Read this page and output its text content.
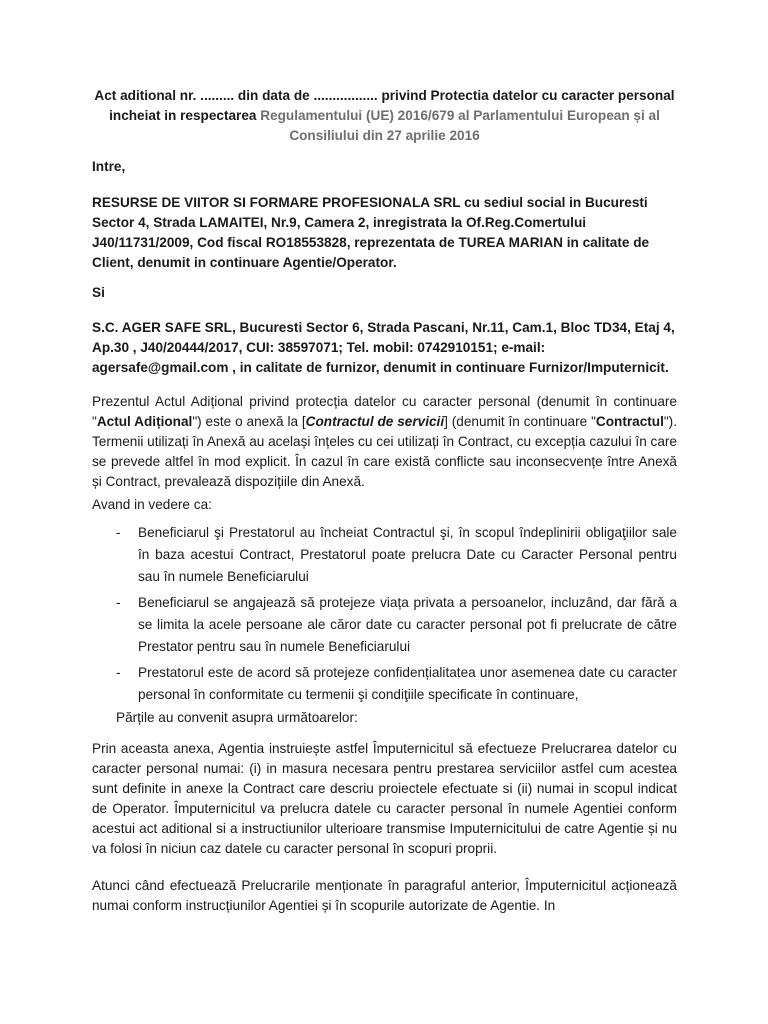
Act aditional nr. ......... din data de ................. privind Protectia datelor cu caracter personal incheiat in respectarea Regulamentului (UE) 2016/679 al Parlamentului European și al Consiliului din 27 aprilie 2016

Intre,

RESURSE DE VIITOR SI FORMARE PROFESIONALA SRL cu sediul social in Bucuresti Sector 4, Strada LAMAITEI, Nr.9, Camera 2, inregistrata la Of.Reg.Comertului J40/11731/2009, Cod fiscal RO18553828, reprezentata de TUREA MARIAN in calitate de Client, denumit in continuare Agentie/Operator.

Si

S.C. AGER SAFE SRL, Bucuresti Sector 6, Strada Pascani, Nr.11, Cam.1, Bloc TD34, Etaj 4, Ap.30 , J40/20444/2017, CUI: 38597071; Tel. mobil: 0742910151; e-mail: agersafe@gmail.com , in calitate de furnizor, denumit in continuare Furnizor/Imputernicit.

Prezentul Actul Adițional privind protecția datelor cu caracter personal (denumit în continuare "Actul Adițional") este o anexă la [Contractul de servicii] (denumit în continuare "Contractul"). Termenii utilizați în Anexă au același înțeles cu cei utilizați în Contract, cu excepția cazului în care se prevede altfel în mod explicit. În cazul în care există conflicte sau inconsecvențe între Anexă și Contract, prevalează dispozițiile din Anexă.

Avand in vedere ca:

- Beneficiarul şi Prestatorul au încheiat Contractul şi, în scopul îndeplinirii obligaţiilor sale în baza acestui Contract, Prestatorul poate prelucra Date cu Caracter Personal pentru sau în numele Beneficiarului
- Beneficiarul se angajează să protejeze viața privata a persoanelor, incluzând, dar fără a se limita la acele persoane ale căror date cu caracter personal pot fi prelucrate de către Prestator pentru sau în numele Beneficiarului
- Prestatorul este de acord să protejeze confidențialitatea unor asemenea date cu caracter personal în conformitate cu termenii şi condiţiile specificate în continuare,

Părțile au convenit asupra următoarelor:

Prin aceasta anexa, Agentia instruiește astfel Împuternicitul să efectueze Prelucrarea datelor cu caracter personal numai: (i) in masura necesara pentru prestarea serviciilor astfel cum acestea sunt definite in anexe la Contract care descriu proiectele efectuate si (ii) numai in scopul indicat de Operator. Împuternicitul va prelucra datele cu caracter personal în numele Agentiei conform acestui act aditional si a instructiunilor ulterioare transmise Imputernicitului de catre Agentie și nu va folosi în niciun caz datele cu caracter personal în scopuri proprii.

Atunci când efectuează Prelucrarile menționate în paragraful anterior, Împuternicitul acționează numai conform instrucțiunilor Agentiei și în scopurile autorizate de Agentie. In
